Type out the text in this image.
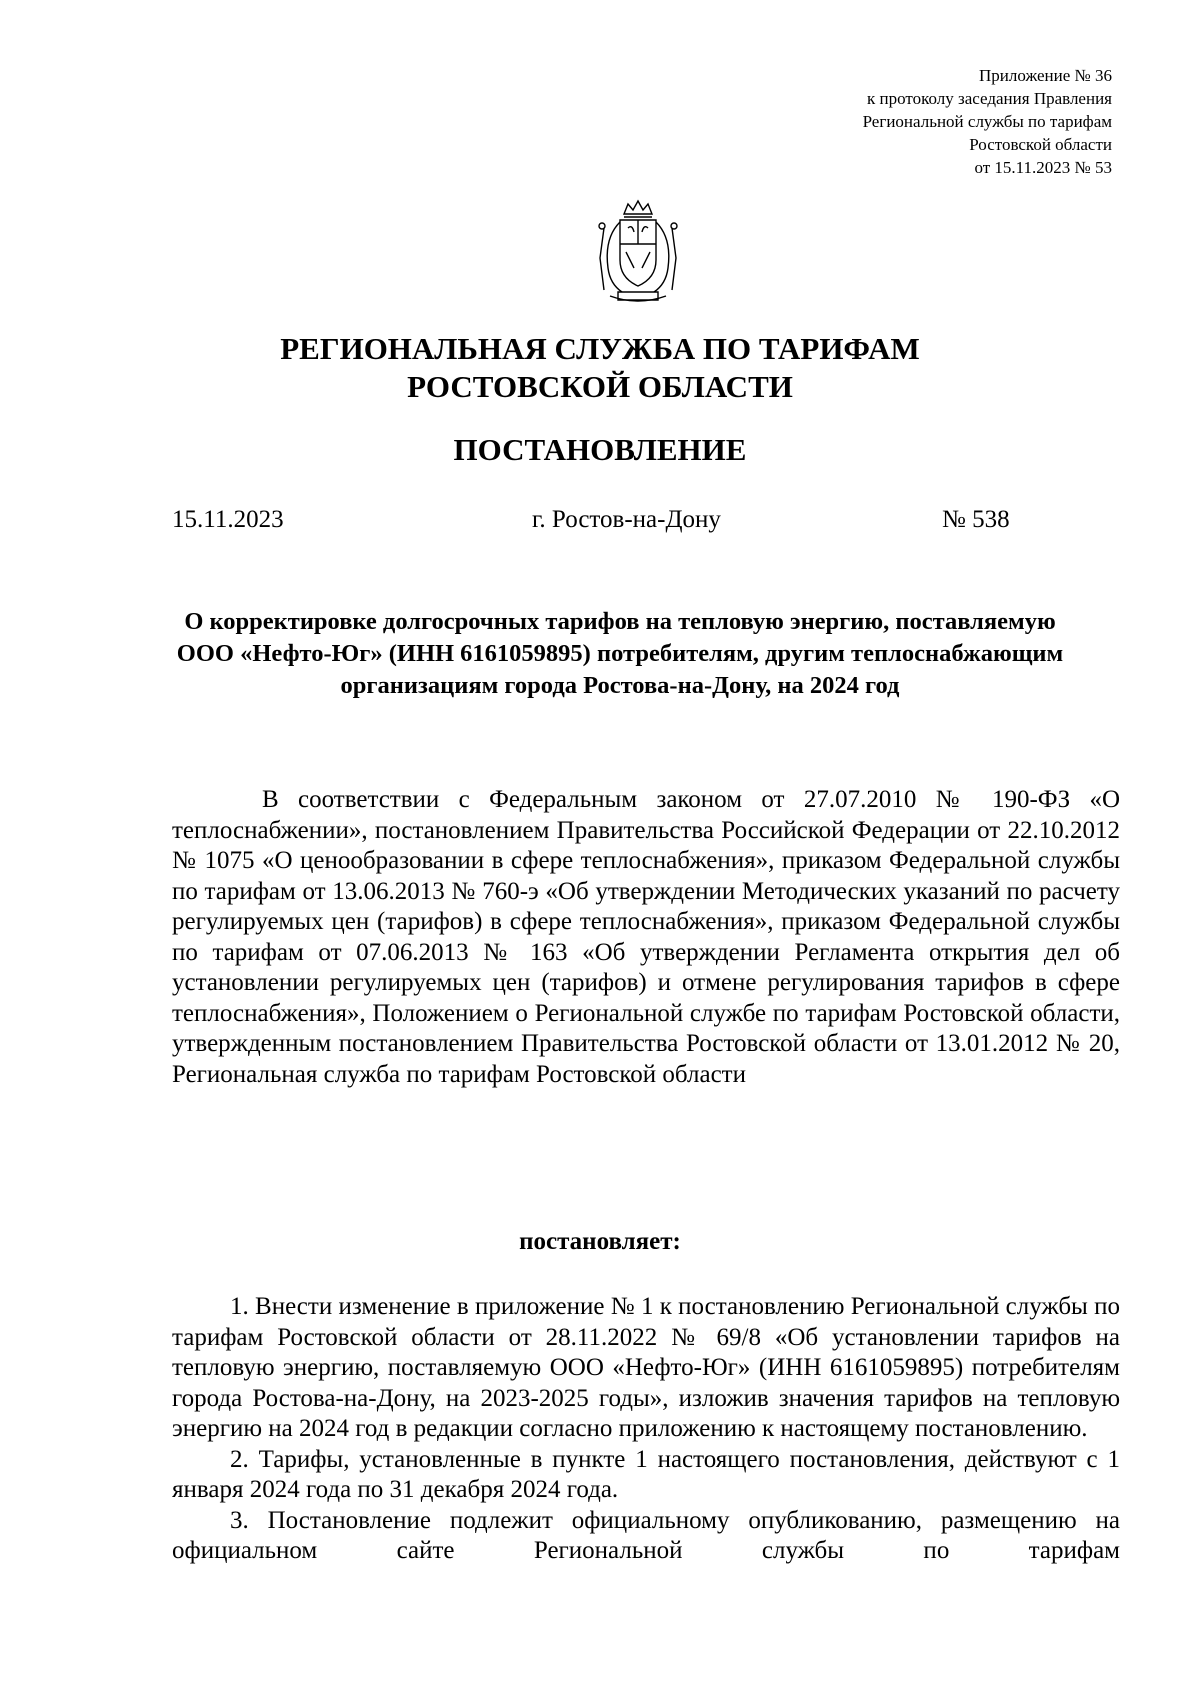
Приложение № 36
к протоколу заседания Правления
Региональной службы по тарифам
Ростовской области
от 15.11.2023 № 53
РЕГИОНАЛЬНАЯ СЛУЖБА ПО ТАРИФАМ
РОСТОВСКОЙ ОБЛАСТИ
ПОСТАНОВЛЕНИЕ
15.11.2023	г. Ростов-на-Дону	№ 538
О корректировке долгосрочных тарифов на тепловую энергию, поставляемую ООО «Нефто-Юг» (ИНН 6161059895) потребителям, другим теплоснабжающим организациям города Ростова-на-Дону, на 2024 год
В соответствии с Федеральным законом от 27.07.2010 № 190-ФЗ «О теплоснабжении», постановлением Правительства Российской Федерации от 22.10.2012 № 1075 «О ценообразовании в сфере теплоснабжения», приказом Федеральной службы по тарифам от 13.06.2013 № 760-э «Об утверждении Методических указаний по расчету регулируемых цен (тарифов) в сфере теплоснабжения», приказом Федеральной службы по тарифам от 07.06.2013 № 163 «Об утверждении Регламента открытия дел об установлении регулируемых цен (тарифов) и отмене регулирования тарифов в сфере теплоснабжения», Положением о Региональной службе по тарифам Ростовской области, утвержденным постановлением Правительства Ростовской области от 13.01.2012 № 20, Региональная служба по тарифам Ростовской области
постановляет:

1. Внести изменение в приложение № 1 к постановлению Региональной службы по тарифам Ростовской области от 28.11.2022 № 69/8 «Об установлении тарифов на тепловую энергию, поставляемую ООО «Нефто-Юг» (ИНН 6161059895) потребителям города Ростова-на-Дону, на 2023-2025 годы», изложив значения тарифов на тепловую энергию на 2024 год в редакции согласно приложению к настоящему постановлению.

2. Тарифы, установленные в пункте 1 настоящего постановления, действуют с 1 января 2024 года по 31 декабря 2024 года.

3. Постановление подлежит официальному опубликованию, размещению на официальном сайте Региональной службы по тарифам
